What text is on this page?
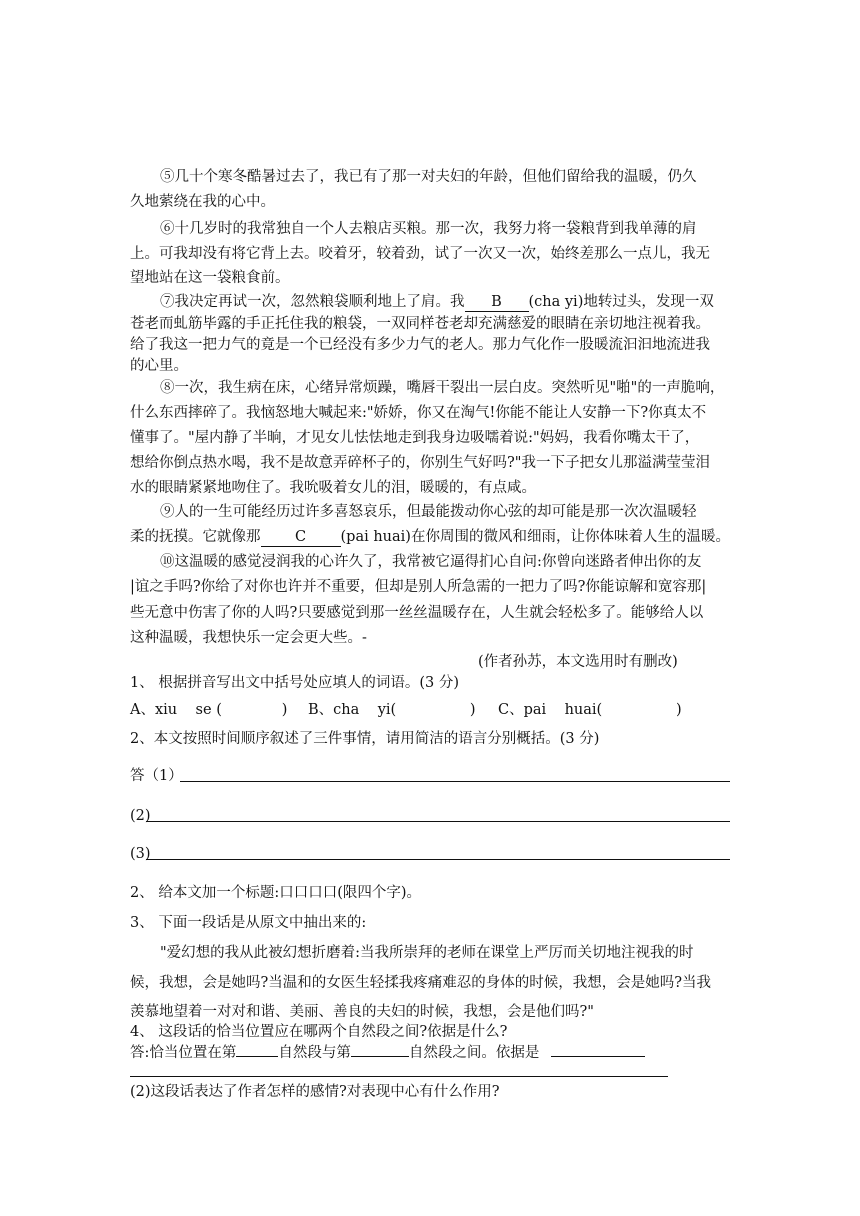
⑤几十个寒冬酷暑过去了，我已有了那一对夫妇的年龄，但他们留给我的温暖，仍久
久地萦绕在我的心中。
⑥十几岁时的我常独自一个人去粮店买粮。那一次，我努力将一袋粮背到我单薄的肩
上。可我却没有将它背上去。咬着牙，较着劲，试了一次又一次，始终差那么一点儿，我无
望地站在这一袋粮食前。
⑦我决定再试一次，忽然粮袋顺利地上了肩。我 B (cha yi)地转过头，发现一双
苍老而虬筋毕露的手正托住我的粮袋，一双同样苍老却充满慈爱的眼睛在亲切地注视着我。
给了我这一把力气的竟是一个已经没有多少力气的老人。那力气化作一股暖流汩汩地流进我
的心里。
⑧一次，我生病在床，心绪异常烦躁，嘴唇干裂出一层白皮。突然听见"啪"的一声脆响，
什么东西摔碎了。我恼怒地大喊起来:"娇娇，你又在淘气!你能不能让人安静一下?你真太不
懂事了。"屋内静了半晌，才见女儿怯怯地走到我身边吸嚅着说:"妈妈，我看你嘴太干了，
想给你倒点热水喝，我不是故意弄碎杯子的，你别生气好吗?"我一下子把女儿那溢满莹莹泪
水的眼睛紧紧地吻住了。我吮吸着女儿的泪，暖暖的，有点咸。
⑨人的一生可能经历过许多喜怒哀乐，但最能拨动你心弦的却可能是那一次次温暖轻
柔的抚摸。它就像那 C (pai huai)在你周围的微风和细雨，让你体味着人生的温暖。
⑩这温暖的感觉浸润我的心许久了，我常被它逼得扪心自问:你曾向迷路者伸出你的友
|谊之手吗?你给了对你也许并不重要，但却是别人所急需的一把力了吗?你能谅解和宽容那|
些无意中伤害了你的人吗?只要感觉到那一丝丝温暖存在，人生就会轻松多了。能够给人以
这种温暖，我想快乐一定会更大些。-
(作者孙苏，本文选用时有删改)
1、 根据拼音写出文中括号处应填人的词语。(3 分)
A、xiu    se (             ) B、cha    yi(                ) C、pai    huai(                )
2、本文按照时间顺序叙述了三件事情，请用简洁的语言分别概括。(3 分)
答（1）
(2)
(3)
2、 给本文加一个标题:口口口口(限四个字)。
3、 下面一段话是从原文中抽出来的:
"爱幻想的我从此被幻想折磨着:当我所崇拜的老师在课堂上严厉而关切地注视我的时
候，我想，会是她吗?当温和的女医生轻揉我疼痛难忍的身体的时候，我想，会是她吗?当我
羡慕地望着一对对和谐、美丽、善良的夫妇的时候，我想，会是他们吗?"
4、 这段话的恰当位置应在哪两个自然段之间?依据是什么?
答:恰当位置在第	自然段与第	自然段之间。依据是
(2)这段话表达了作者怎样的感情?对表现中心有什么作用?
